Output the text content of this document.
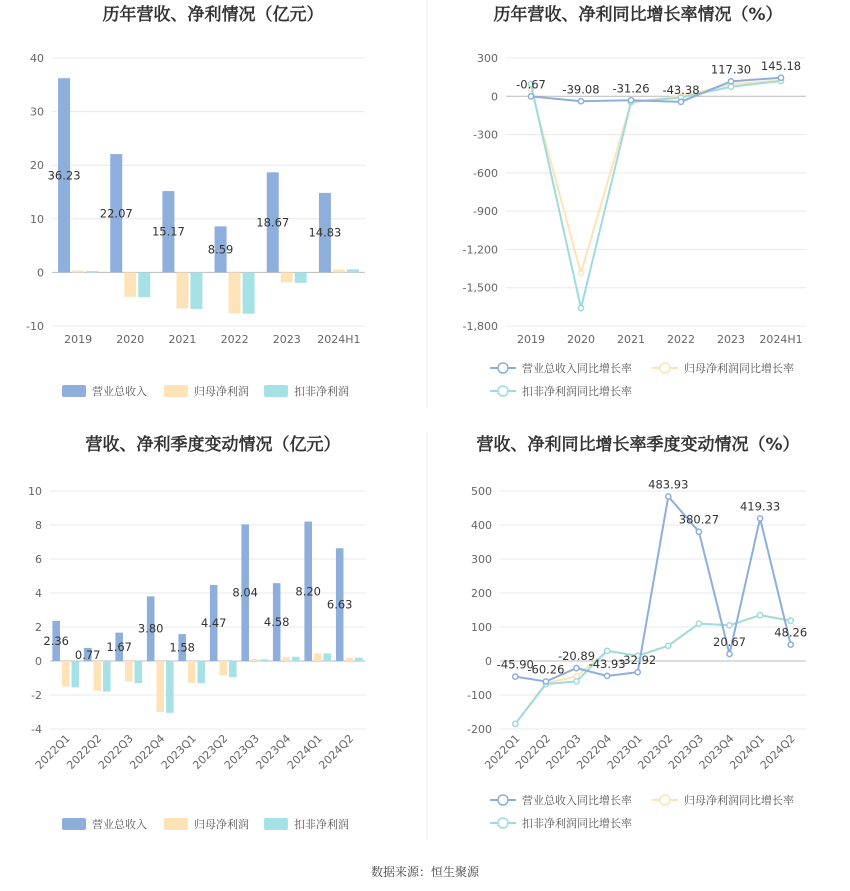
历年营收、净利情况（亿元）
-10
0
10
20
30
40
2019 2020 2021 2022 2023 2024H1
36.23
22.07
15.17
8.59
18.67
14.83
营业总收入	归母净利润	扣非净利润
历年营收、净利同比增长率情况（%）
-1,800
-1,500
-1,200
-900
-600
-300
0
300
2019 2020 2021 2022 2023 2024H1
-0.67 -39.08 -31.26 -43.38
117.30 145.18
营业总收入同比增长率	归母净利润同比增长率
扣非净利润同比增长率
营收、净利季度变动情况（亿元）
-4
-2
0
2
4
6
8
10
2022Q1
2022Q2
2022Q3
2022Q4
2023Q1
2023Q2
2023Q3
2023Q4
2024Q1
2024Q2
2.36
0.77
1.67
3.80
1.58
4.47
8.04
4.58
8.20
6.63
营业总收入	归母净利润	扣非净利润
营收、净利同比增长率季度变动情况（%）
-200
-100
0
100
200
300
400
500
2022Q1
2022Q2
2022Q3
2022Q4
2023Q1
2023Q2
2023Q3
2023Q4
2024Q1
2024Q2
-45.90
-60.26
-20.89
-43.93
-32.92
483.93
380.27
20.67
419.33
48.26
营业总收入同比增长率	归母净利润同比增长率
扣非净利润同比增长率
数据来源：恒生聚源
